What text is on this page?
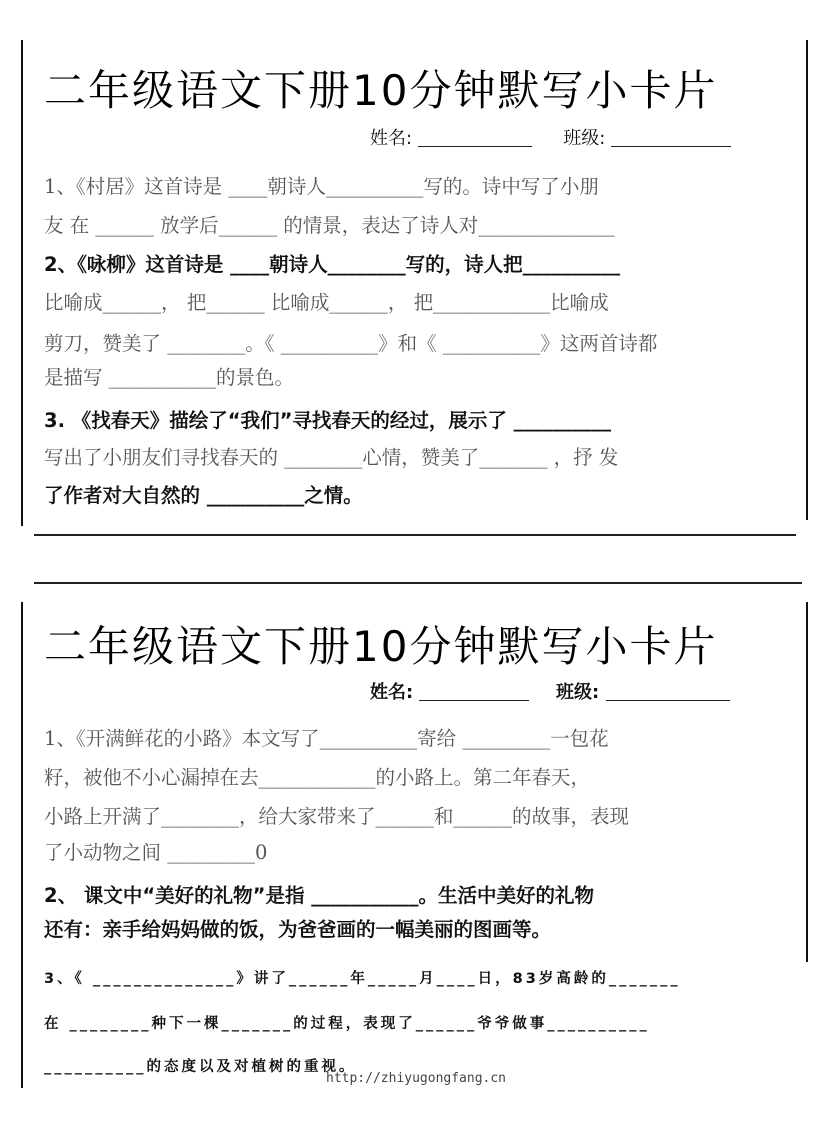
二年级语文下册10分钟默写小卡片
姓名:	班级:
1、《村居》这首诗是 ____朝诗人__________写的。诗中写了小朋
友 在 ______ 放学后______ 的情景，表达了诗人对______________
2、《咏柳》这首诗是 ____朝诗人________写的，诗人把__________
比喻成______， 把______ 比喻成______， 把____________比喻成
剪刀，赞美了 ________。《 __________》和《 __________》这两首诗都
是描写 ___________的景色。
3. 《找春天》描绘了“我们”寻找春天的经过，展示了 __________
写出了小朋友们寻找春天的 ________心情，赞美了_______ ，抒 发
了作者对大自然的 __________之情。
二年级语文下册10分钟默写小卡片
姓名:	班级:
1、《开满鲜花的小路》本文写了__________寄给 _________一包花
籽，被他不小心漏掉在去____________的小路上。第二年春天，
小路上开满了________，给大家带来了______和______的故事，表现
了小动物之间 _________0
2、 课文中“美好的礼物”是指 ___________。生活中美好的礼物
还有：亲手给妈妈做的饭，为爸爸画的一幅美丽的图画等。
3、《 ______________》讲了______年_____月____日，83岁高龄的_______
在 ________种下一棵_______的过程，表现了______爷爷做事__________
__________的态度以及对植树的重视。
http://zhiyugongfang.cn
